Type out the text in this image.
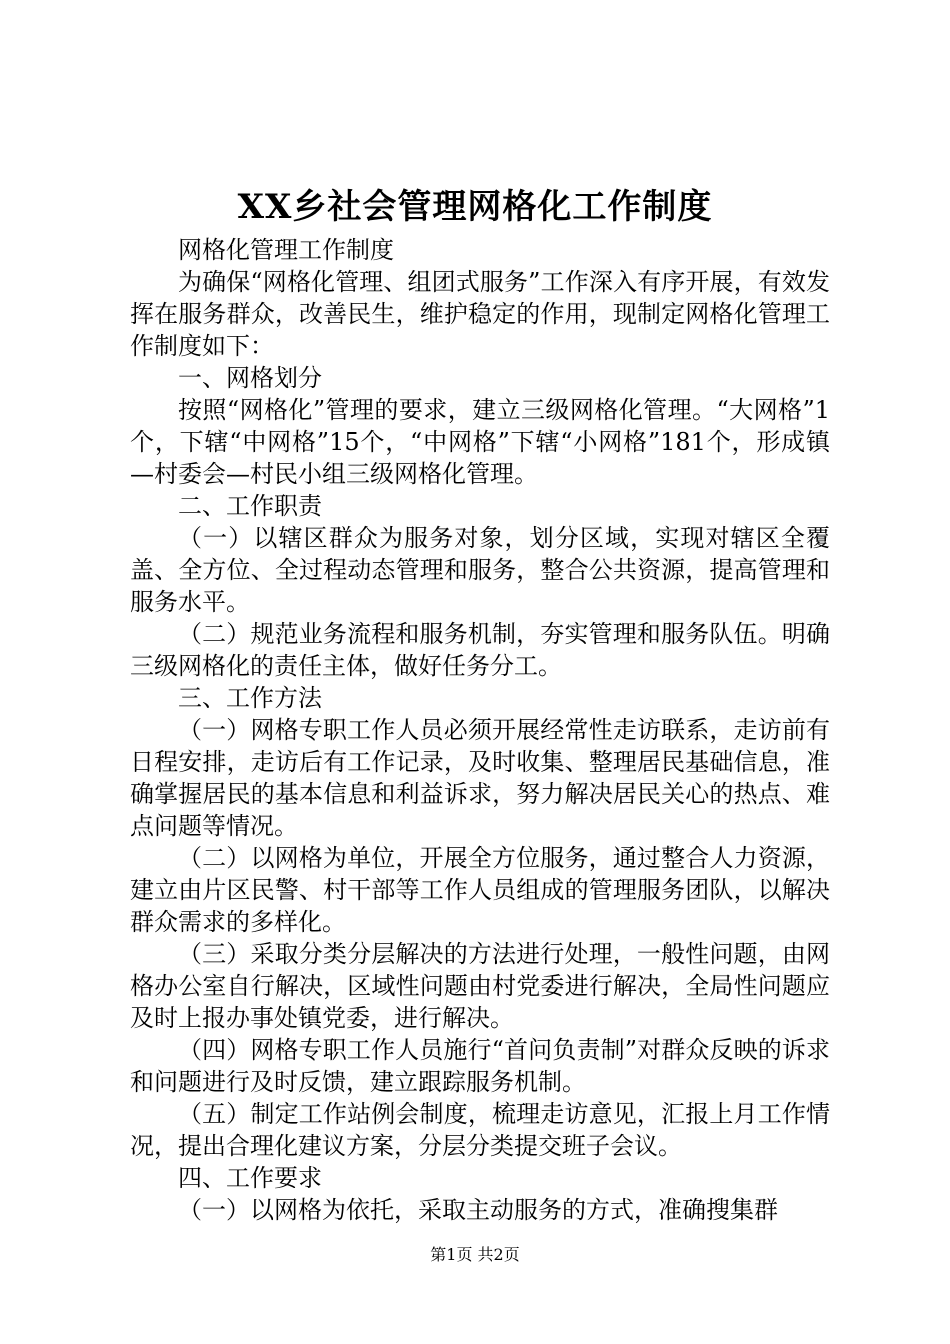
XX乡社会管理网格化工作制度

网格化管理工作制度

为确保“网格化管理、组团式服务”工作深入有序开展，有效发挥在服务群众，改善民生，维护稳定的作用，现制定网格化管理工作制度如下：

一、网格划分

按照“网格化”管理的要求，建立三级网格化管理。“大网格”1个，下辖“中网格”15个，“中网格”下辖“小网格”181个，形成镇—村委会—村民小组三级网格化管理。

二、工作职责

（一）以辖区群众为服务对象，划分区域，实现对辖区全覆盖、全方位、全过程动态管理和服务，整合公共资源，提高管理和服务水平。

（二）规范业务流程和服务机制，夯实管理和服务队伍。明确三级网格化的责任主体，做好任务分工。

三、工作方法

（一）网格专职工作人员必须开展经常性走访联系，走访前有日程安排，走访后有工作记录，及时收集、整理居民基础信息，准确掌握居民的基本信息和利益诉求，努力解决居民关心的热点、难点问题等情况。

（二）以网格为单位，开展全方位服务，通过整合人力资源，建立由片区民警、村干部等工作人员组成的管理服务团队，以解决群众需求的多样化。

（三）采取分类分层解决的方法进行处理，一般性问题，由网格办公室自行解决，区域性问题由村党委进行解决，全局性问题应及时上报办事处镇党委，进行解决。

（四）网格专职工作人员施行“首问负责制”对群众反映的诉求和问题进行及时反馈，建立跟踪服务机制。

（五）制定工作站例会制度，梳理走访意见，汇报上月工作情况，提出合理化建议方案，分层分类提交班子会议。

四、工作要求

（一）以网格为依托，采取主动服务的方式，准确搜集群

第1页 共2页
